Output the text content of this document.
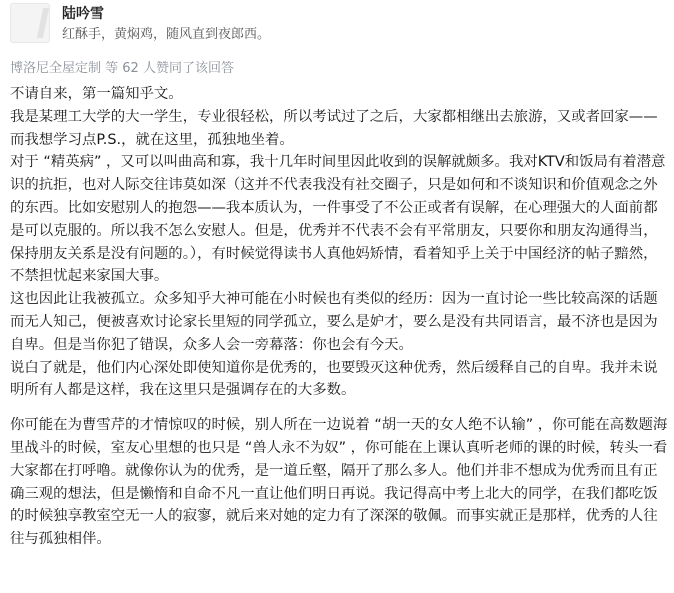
陆吟雪
红酥手，黄焖鸡，随风直到夜郎西。
博洛尼全屋定制 等 62 人赞同了该回答

不请自来，第一篇知乎文。

我是某理工大学的大一学生，专业很轻松，所以考试过了之后，大家都相继出去旅游，又或者回家——而我想学习点P.S.，就在这里，孤独地坐着。

对于 “精英病” ，又可以叫曲高和寡，我十几年时间里因此收到的误解就颇多。我对KTV和饭局有着潜意识的抗拒，也对人际交往讳莫如深（这并不代表我没有社交圈子，只是如何和不谈知识和价值观念之外的东西。比如安慰别人的抱怨——我本质认为，一件事受了不公正或者有误解，在心理强大的人面前都是可以克服的。所以我不怎么安慰人。但是，优秀并不代表不会有平常朋友，只要你和朋友沟通得当，保持朋友关系是没有问题的。），有时候觉得读书人真他妈矫情，看着知乎上关于中国经济的帖子黯然，不禁担忧起来家国大事。

这也因此让我被孤立。众多知乎大神可能在小时候也有类似的经历：因为一直讨论一些比较高深的话题而无人知己，便被喜欢讨论家长里短的同学孤立，要么是妒才，要么是没有共同语言，最不济也是因为自卑。但是当你犯了错误，众多人会一旁幕落：你也会有今天。

说白了就是，他们内心深处即使知道你是优秀的，也要毁灭这种优秀，然后缓释自己的自卑。我并未说明所有人都是这样，我在这里只是强调存在的大多数。

你可能在为曹雪芹的才情惊叹的时候，别人所在一边说着 “胡一天的女人绝不认输” ，你可能在高数题海里战斗的时候，室友心里想的也只是 “兽人永不为奴” ，你可能在上课认真听老师的课的时候，转头一看大家都在打呼噜。就像你认为的优秀，是一道丘壑，隔开了那么多人。他们并非不想成为优秀而且有正确三观的想法，但是懒惰和自命不凡一直让他们明日再说。我记得高中考上北大的同学，在我们都吃饭的时候独享教室空无一人的寂寥，就后来对她的定力有了深深的敬佩。而事实就正是那样，优秀的人往往与孤独相伴。
